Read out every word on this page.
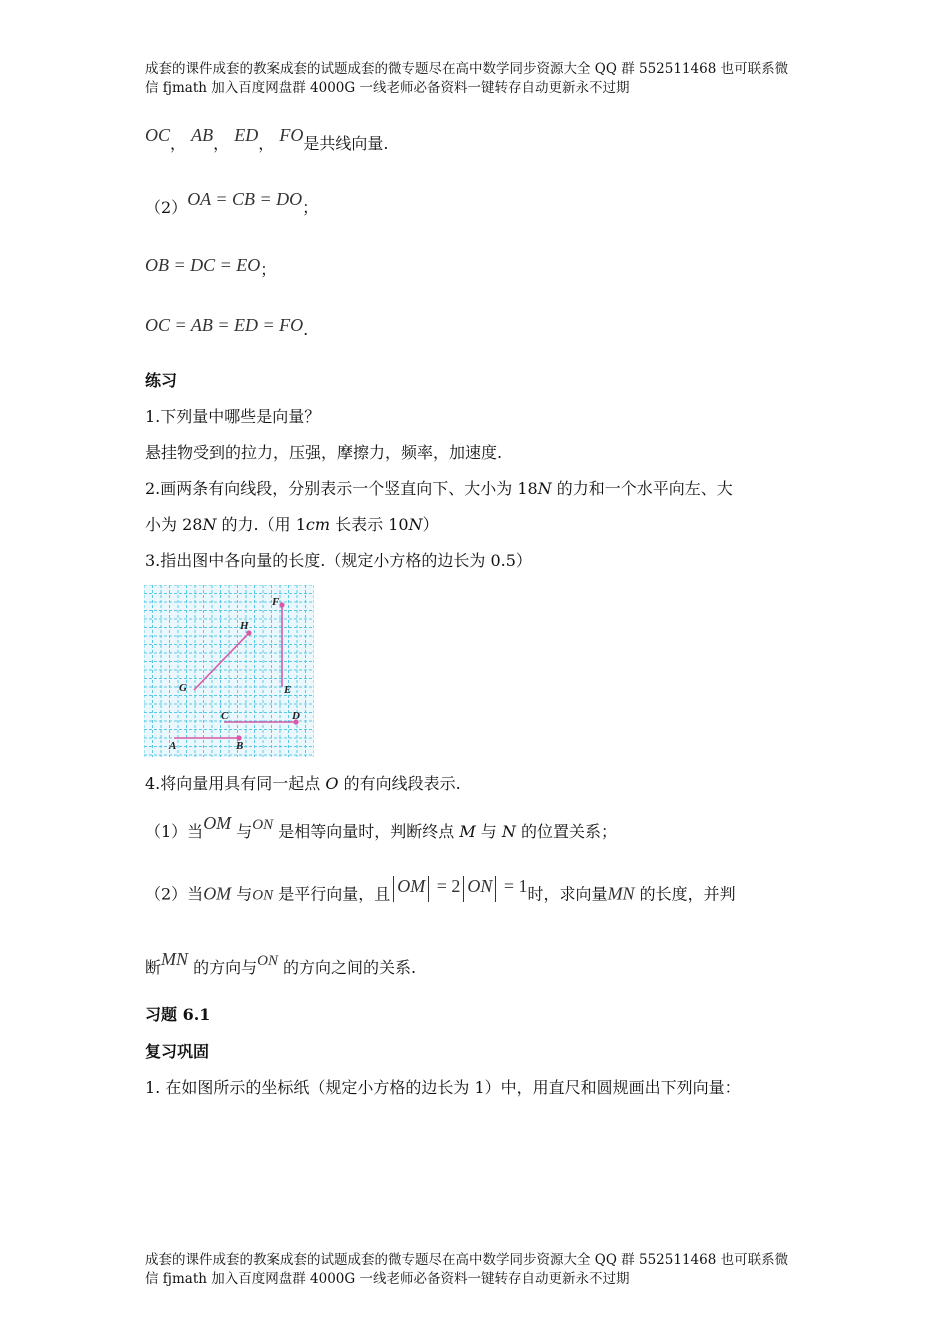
成套的课件成套的教案成套的试题成套的微专题尽在高中数学同步资源大全 QQ 群 552511468 也可联系微
信 fjmath 加入百度网盘群 4000G 一线老师必备资料一键转存自动更新永不过期
OC， AB， ED， FO是共线向量.
（2）OA = CB = DO；
OB = DC = EO；
OC = AB = ED = FO.
练习
1.下列量中哪些是向量？
悬挂物受到的拉力，压强，摩擦力，频率，加速度.
2.画两条有向线段，分别表示一个竖直向下、大小为 18N 的力和一个水平向左、大
小为 28N 的力.（用 1cm 长表示 10N）
3.指出图中各向量的长度.（规定小方格的边长为 0.5）
A	B
C	D
E
F
G
H
4.将向量用具有同一起点 O 的有向线段表示.
（1）当OM 与ON 是相等向量时，判断终点 M 与 N 的位置关系；
（2）当OM 与ON 是平行向量，且 OM = 2 ON = 1时，求向量MN 的长度，并判
断MN 的方向与ON 的方向之间的关系.
习题 6.1
复习巩固
1. 在如图所示的坐标纸（规定小方格的边长为 1）中，用直尺和圆规画出下列向量：
成套的课件成套的教案成套的试题成套的微专题尽在高中数学同步资源大全 QQ 群 552511468 也可联系微
信 fjmath 加入百度网盘群 4000G 一线老师必备资料一键转存自动更新永不过期
